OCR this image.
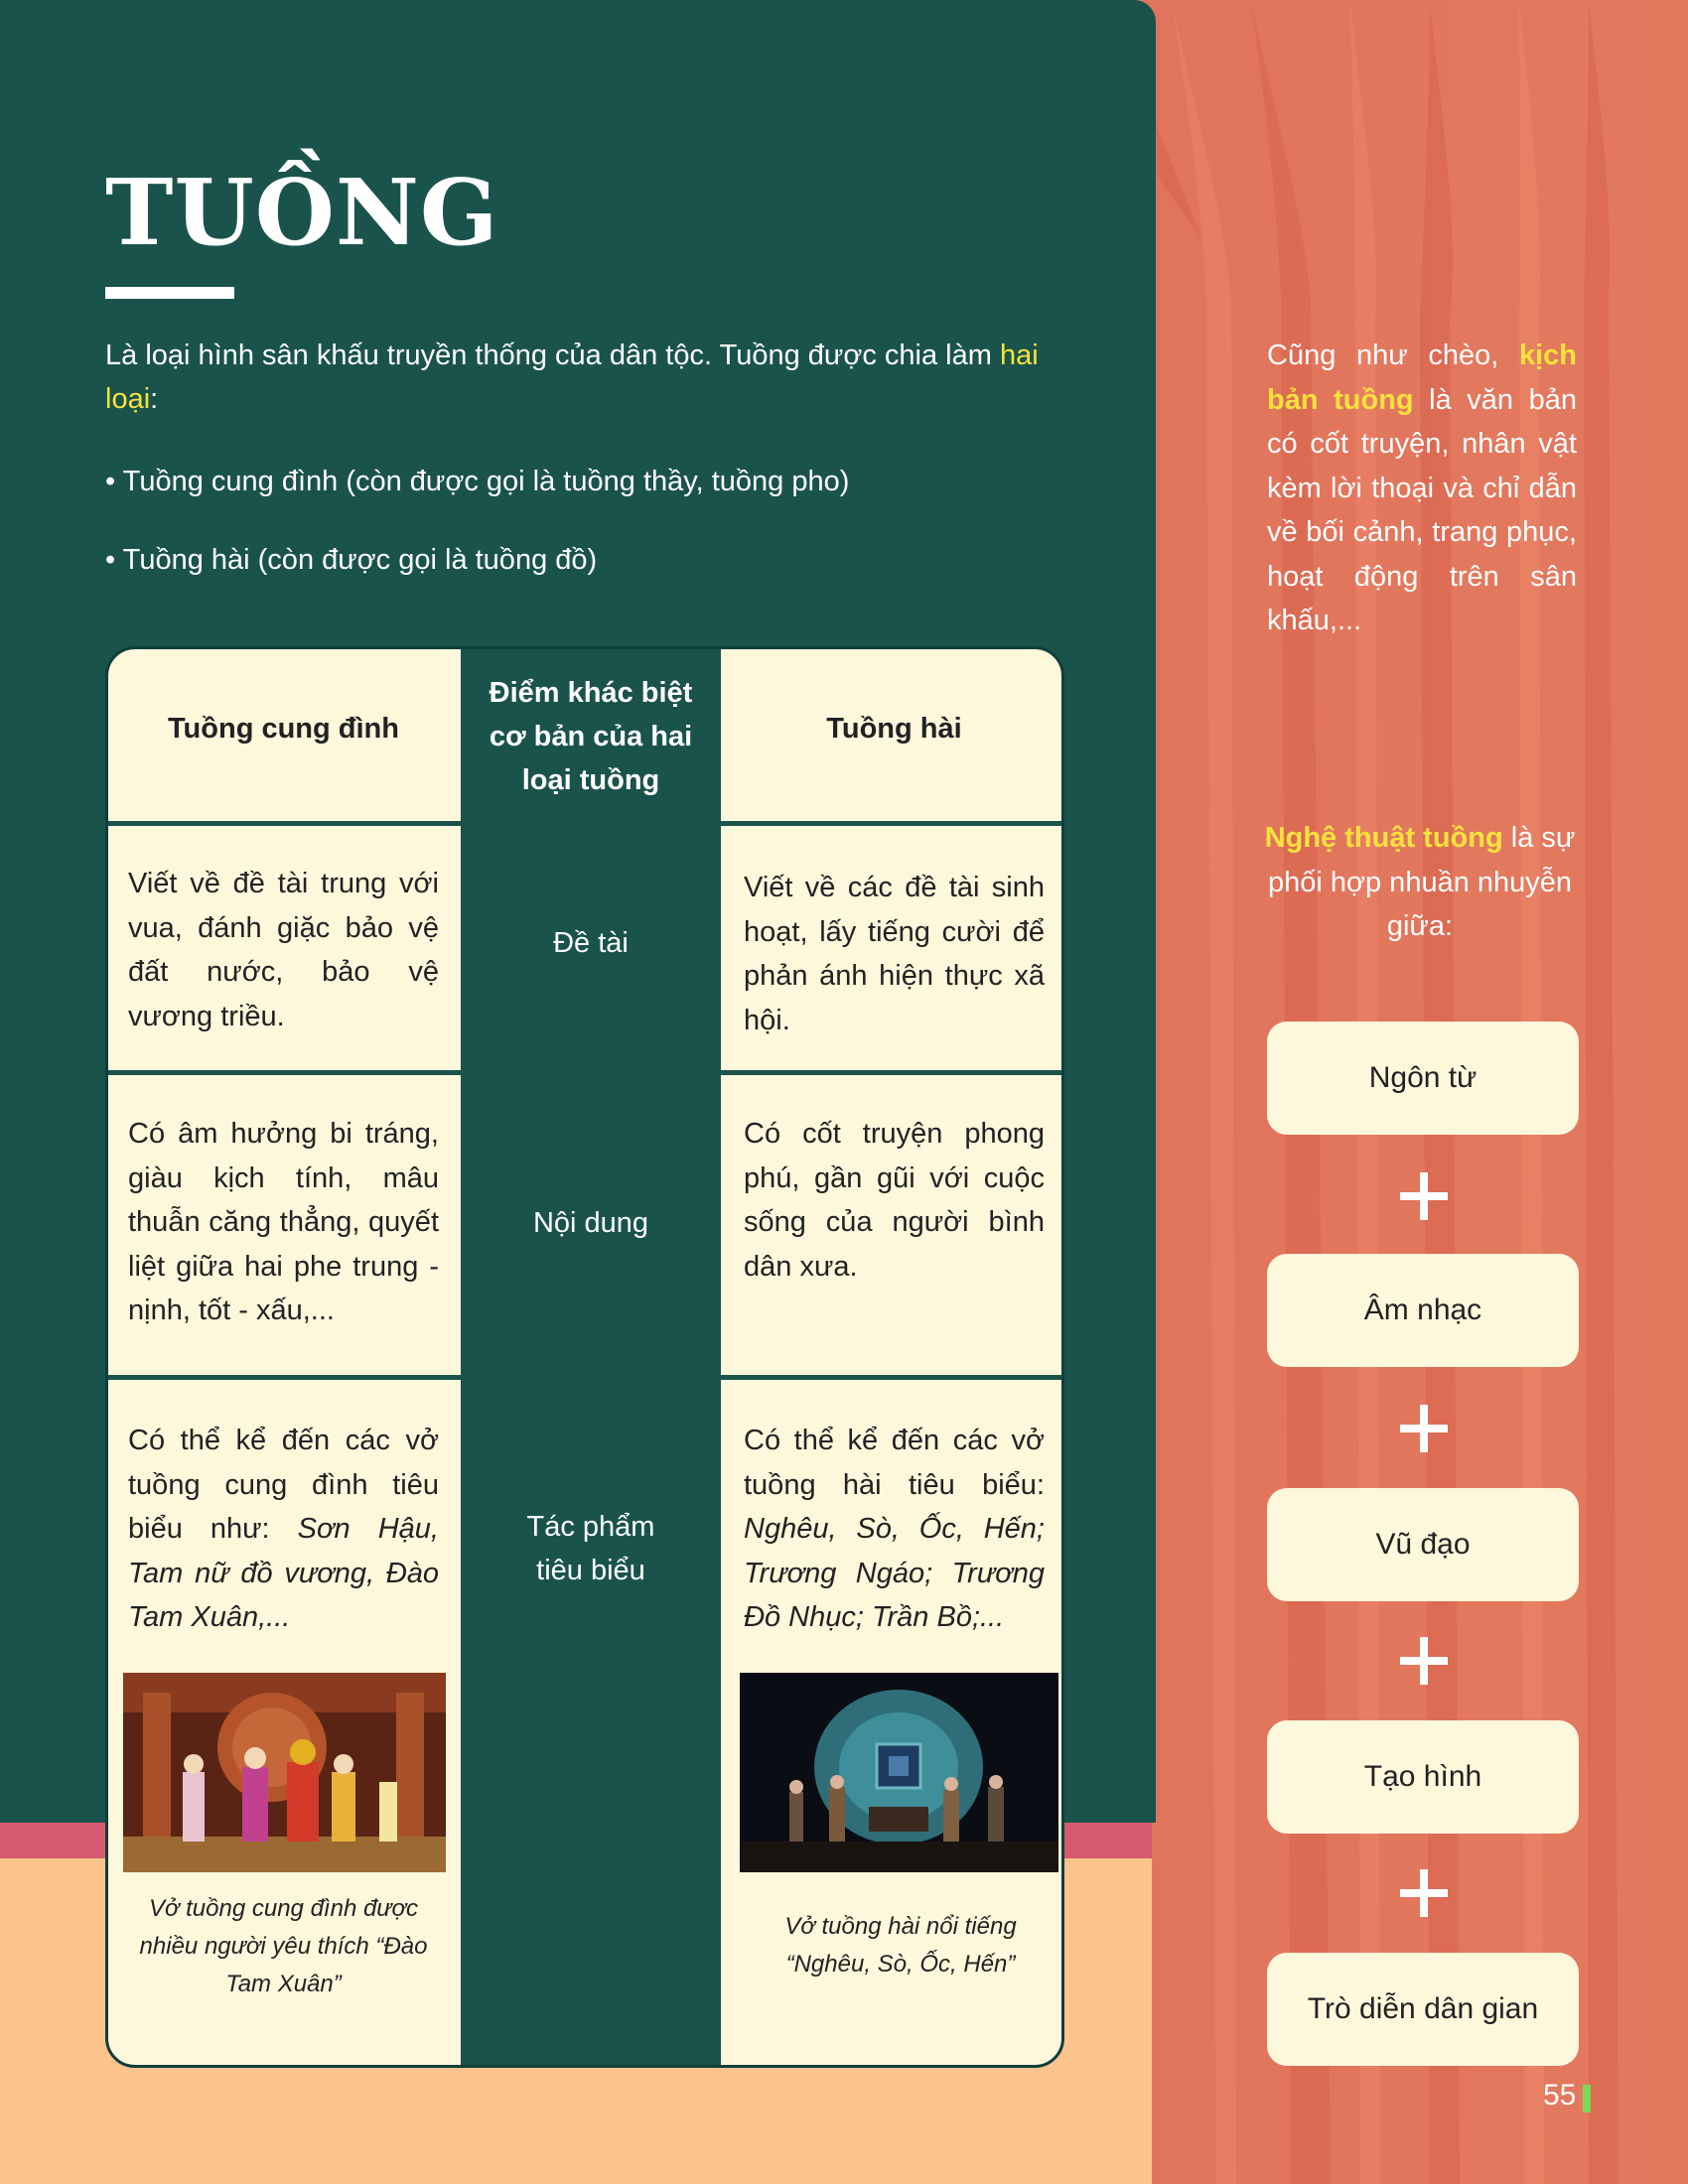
TUỒNG

Là loại hình sân khấu truyền thống của dân tộc. Tuồng được chia làm hai loại:

• Tuồng cung đình (còn được gọi là tuồng thầy, tuồng pho)

• Tuồng hài (còn được gọi là tuồng đồ)

Tuồng cung đình

Điểm khác biệt cơ bản của hai loại tuồng

Tuồng hài

Viết về đề tài trung với vua, đánh giặc bảo vệ đất nước, bảo vệ vương triều.

Đề tài

Viết về các đề tài sinh hoạt, lấy tiếng cười để phản ánh hiện thực xã hội.

Có âm hưởng bi tráng, giàu kịch tính, mâu thuẫn căng thẳng, quyết liệt giữa hai phe trung - nịnh, tốt - xấu,...

Nội dung

Có cốt truyện phong phú, gần gũi với cuộc sống của người bình dân xưa.

Có thể kể đến các vở tuồng cung đình tiêu biểu như: Sơn Hậu, Tam nữ đồ vương, Đào Tam Xuân,...

Tác phẩm tiêu biểu

Có thể kể đến các vở tuồng hài tiêu biểu: Nghêu, Sò, Ốc, Hến; Trương Ngáo; Trương Đồ Nhục; Trần Bồ;...

Vở tuồng cung đình được nhiều người yêu thích “Đào Tam Xuân”

Vở tuồng hài nổi tiếng “Nghêu, Sò, Ốc, Hến”

Cũng như chèo, kịch bản tuồng là văn bản có cốt truyện, nhân vật kèm lời thoại và chỉ dẫn về bối cảnh, trang phục, hoạt động trên sân khấu,...

Nghệ thuật tuồng là sự phối hợp nhuần nhuyễn giữa:

Ngôn từ
Âm nhạc
Vũ đạo
Tạo hình
Trò diễn dân gian
55
